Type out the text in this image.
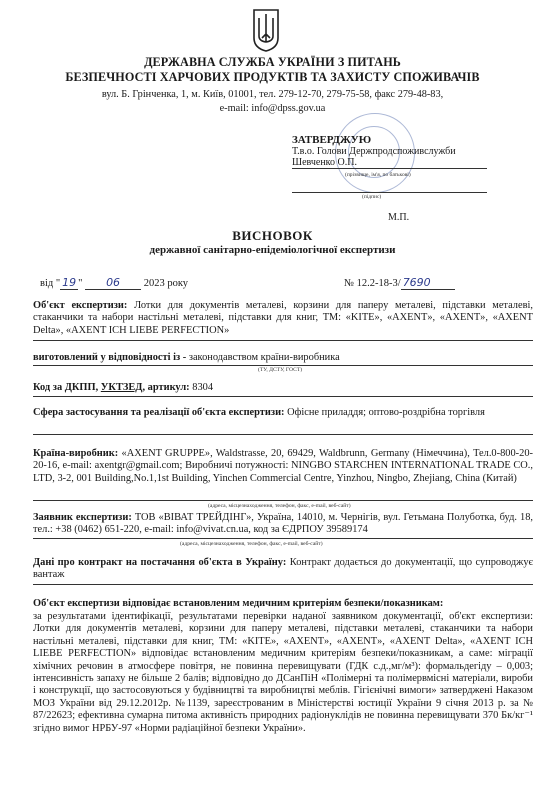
ДЕРЖАВНА СЛУЖБА УКРАЇНИ З ПИТАНЬ
БЕЗПЕЧНОСТІ ХАРЧОВИХ ПРОДУКТІВ ТА ЗАХИСТУ СПОЖИВАЧІВ
вул. Б. Грінченка, 1, м. Київ, 01001, тел. 279-12-70, 279-75-58, факс 279-48-83,
e-mail: info@dpss.gov.ua
ЗАТВЕРДЖУЮ
Т.в.о. Голови Держпродспоживслужби
Шевченко О.П.
(прізвище, ім'я, по батькові)
(підпис)
М.П.
ВИСНОВОК
державної санітарно-епідеміологічної експертизи
від " 19 " 06 2023 року	№ 12.2-18-3/ 7690
Об'єкт експертизи: Лотки для документів металеві, корзини для паперу металеві, підставки металеві, стаканчики та набори настільні металеві, підставки для книг, ТМ: «KITE», «AXENT», «AXENT», «AXENT Delta», «AXENT ICH LIEBE PERFECTION»
виготовлений у відповідності із - законодавством країни-виробника
(ТУ, ДСТУ, ГОСТ)
Код за ДКПП, УКТЗЕД, артикул: 8304
Сфера застосування та реалізації об'єкта експертизи: Офісне приладдя; оптово-роздрібна торгівля
Країна-виробник: «AXENT GRUPPE», Waldstrasse, 20, 69429, Waldbrunn, Germany (Німеччина), Тел.0-800-20-20-16, e-mail: axentgr@gmail.com; Виробничі потужності: NINGBO STARCHEN INTERNATIONAL TRADE CO., LTD, 3-2, 001 Building,No.1,1st Building, Yinchen Commercial Centre, Yinzhou, Ningbo, Zhejiang, China (Китай)
(адреса, місцезнаходження, телефон, факс, e-mail, веб-сайт)
Заявник експертизи: ТОВ «ВІВАТ ТРЕЙДІНГ», Україна, 14010, м. Чернігів, вул. Гетьмана Полуботка, буд. 18, тел.: +38 (0462) 651-220, e-mail: info@vivat.cn.ua, код за ЄДРПОУ 39589174
(адреса, місцезнаходження, телефон, факс, e-mail, веб-сайт)
Дані про контракт на постачання об'єкта в Україну: Контракт додається до документації, що супроводжує вантаж
Об'єкт експертизи відповідає встановленим медичним критеріям безпеки/показникам:
за результатами ідентифікації, результатами перевірки наданої заявником документації, об'єкт експертизи: Лотки для документів металеві, корзини для паперу металеві, підставки металеві, стаканчики та набори настільні металеві, підставки для книг, ТМ: «KITE», «AXENT», «AXENT», «AXENT Delta», «AXENT ICH LIEBE PERFECTION» відповідає встановленим медичним критеріям безпеки/показникам, а саме: міграції хімічних речовин в атмосфере повітря, не повинна перевищувати (ГДК с.д.,мг/м³): формальдегіду – 0,003; інтенсивність запаху не більше 2 балів; відповідно до ДСанПіН «Полімерні та полімервмісні матеріали, вироби і конструкції, що застосовуються у будівництві та виробництві меблів. Гігієнічні вимоги» затверджені Наказом МОЗ України від 29.12.2012р. №1139, зареєстрованим в Міністерстві юстиції України 9 січня 2013 р. за № 87/22623; ефективна сумарна питома активність природних радіонуклідів не повинна перевищувати 370 Бк/кг⁻¹ згідно вимог НРБУ-97 «Норми радіаційної безпеки України».
